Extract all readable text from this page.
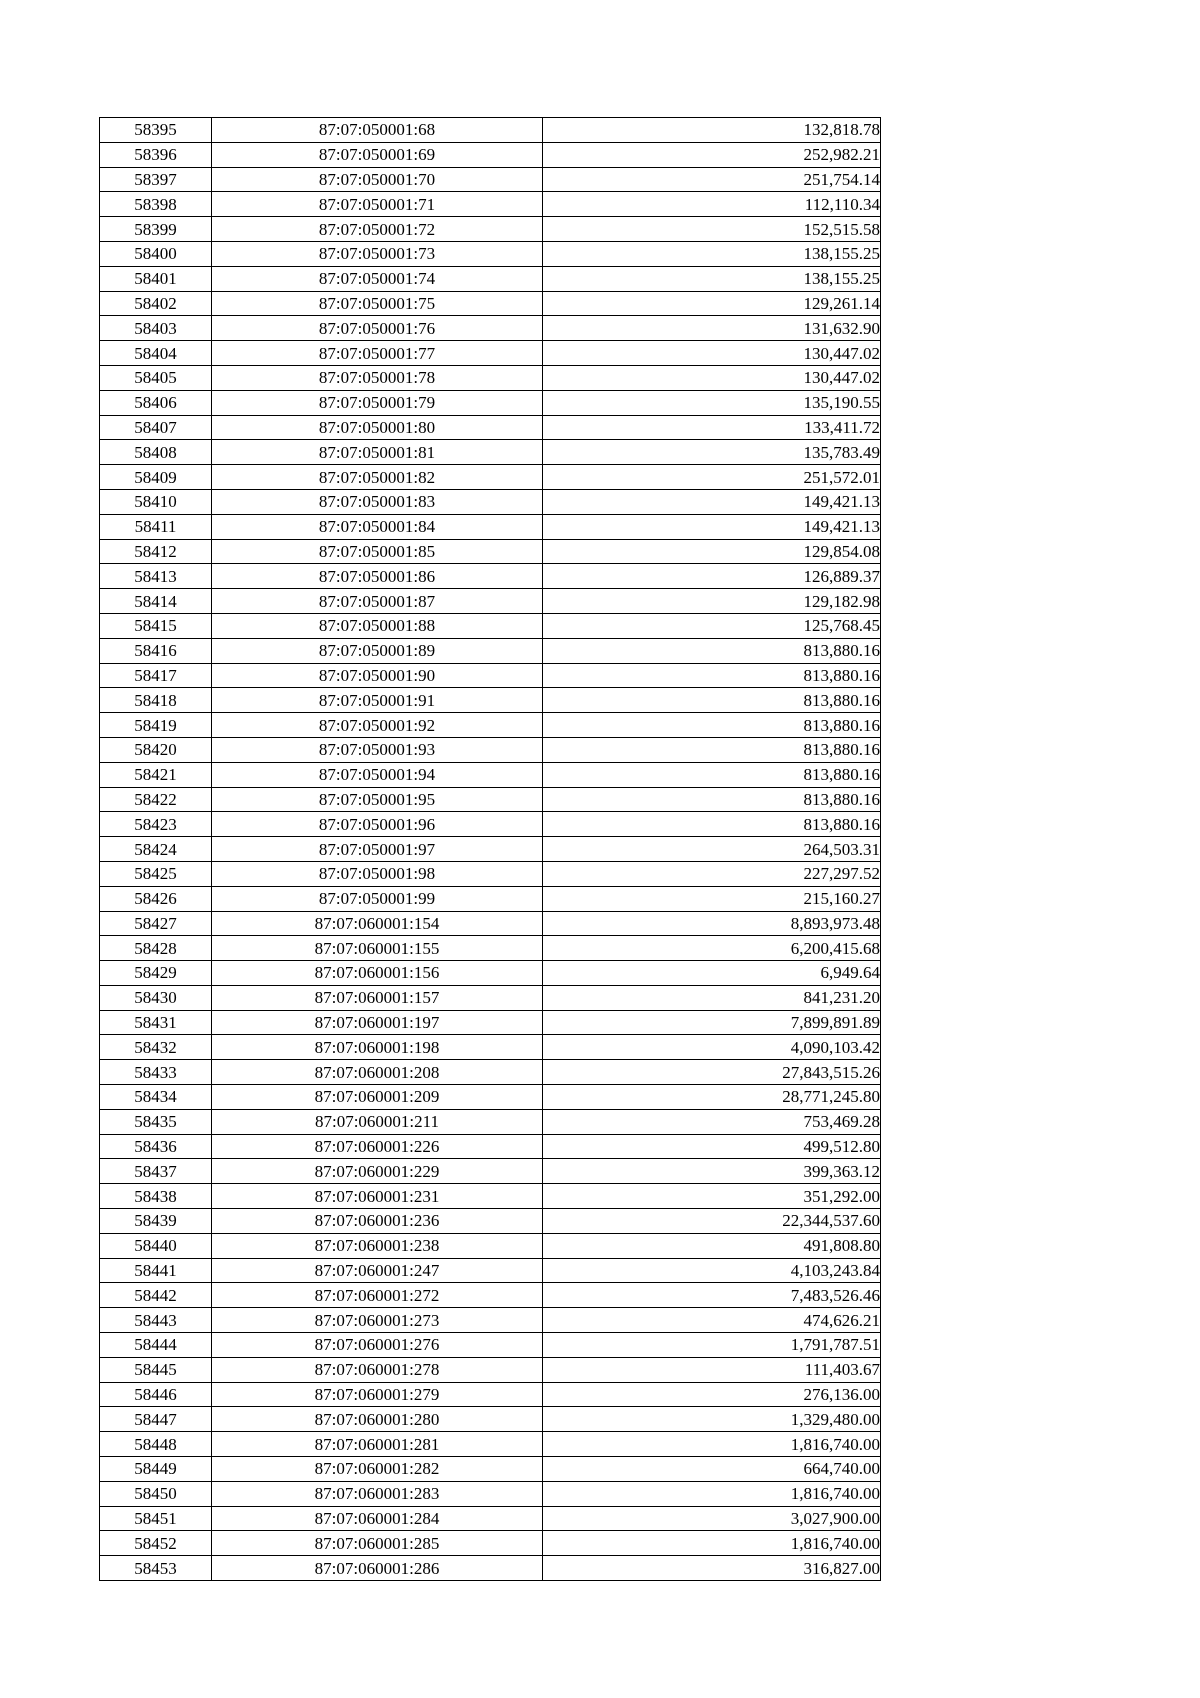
58395	87:07:050001:68	132,818.78
58396	87:07:050001:69	252,982.21
58397	87:07:050001:70	251,754.14
58398	87:07:050001:71	112,110.34
58399	87:07:050001:72	152,515.58
58400	87:07:050001:73	138,155.25
58401	87:07:050001:74	138,155.25
58402	87:07:050001:75	129,261.14
58403	87:07:050001:76	131,632.90
58404	87:07:050001:77	130,447.02
58405	87:07:050001:78	130,447.02
58406	87:07:050001:79	135,190.55
58407	87:07:050001:80	133,411.72
58408	87:07:050001:81	135,783.49
58409	87:07:050001:82	251,572.01
58410	87:07:050001:83	149,421.13
58411	87:07:050001:84	149,421.13
58412	87:07:050001:85	129,854.08
58413	87:07:050001:86	126,889.37
58414	87:07:050001:87	129,182.98
58415	87:07:050001:88	125,768.45
58416	87:07:050001:89	813,880.16
58417	87:07:050001:90	813,880.16
58418	87:07:050001:91	813,880.16
58419	87:07:050001:92	813,880.16
58420	87:07:050001:93	813,880.16
58421	87:07:050001:94	813,880.16
58422	87:07:050001:95	813,880.16
58423	87:07:050001:96	813,880.16
58424	87:07:050001:97	264,503.31
58425	87:07:050001:98	227,297.52
58426	87:07:050001:99	215,160.27
58427	87:07:060001:154	8,893,973.48
58428	87:07:060001:155	6,200,415.68
58429	87:07:060001:156	6,949.64
58430	87:07:060001:157	841,231.20
58431	87:07:060001:197	7,899,891.89
58432	87:07:060001:198	4,090,103.42
58433	87:07:060001:208	27,843,515.26
58434	87:07:060001:209	28,771,245.80
58435	87:07:060001:211	753,469.28
58436	87:07:060001:226	499,512.80
58437	87:07:060001:229	399,363.12
58438	87:07:060001:231	351,292.00
58439	87:07:060001:236	22,344,537.60
58440	87:07:060001:238	491,808.80
58441	87:07:060001:247	4,103,243.84
58442	87:07:060001:272	7,483,526.46
58443	87:07:060001:273	474,626.21
58444	87:07:060001:276	1,791,787.51
58445	87:07:060001:278	111,403.67
58446	87:07:060001:279	276,136.00
58447	87:07:060001:280	1,329,480.00
58448	87:07:060001:281	1,816,740.00
58449	87:07:060001:282	664,740.00
58450	87:07:060001:283	1,816,740.00
58451	87:07:060001:284	3,027,900.00
58452	87:07:060001:285	1,816,740.00
58453	87:07:060001:286	316,827.00
